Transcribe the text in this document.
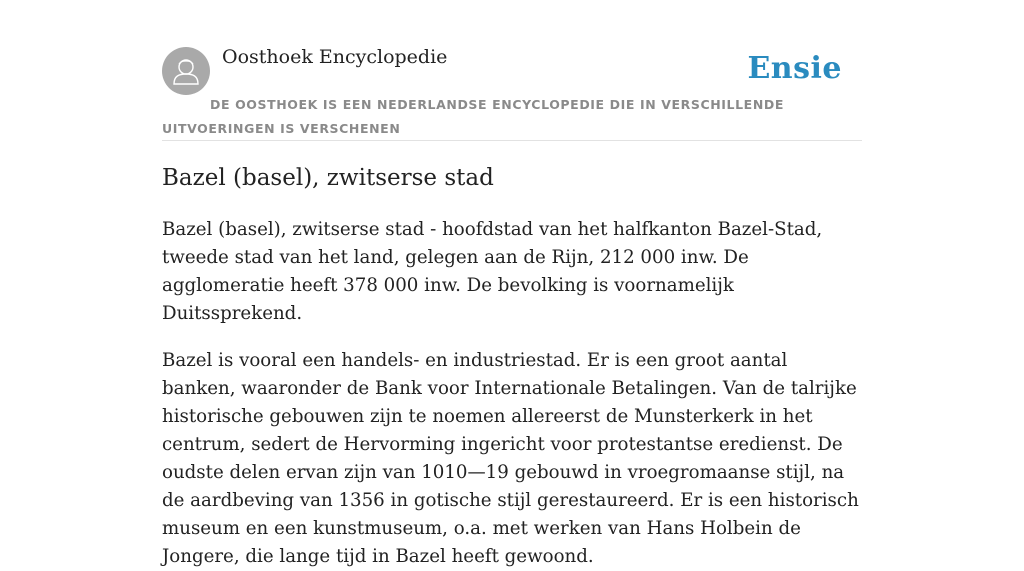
Oosthoek Encyclopedie	Ensie
DE OOSTHOEK IS EEN NEDERLANDSE ENCYCLOPEDIE DIE IN VERSCHILLENDE UITVOERINGEN IS VERSCHENEN
Bazel (basel), zwitserse stad

Bazel (basel), zwitserse stad - hoofdstad van het halfkanton Bazel-Stad, tweede stad van het land, gelegen aan de Rijn, 212 000 inw. De agglomeratie heeft 378 000 inw. De bevolking is voornamelijk Duitssprekend.

Bazel is vooral een handels- en industriestad. Er is een groot aantal banken, waaronder de Bank voor Internationale Betalingen. Van de talrijke historische gebouwen zijn te noemen allereerst de Munsterkerk in het centrum, sedert de Hervorming ingericht voor protestantse eredienst. De oudste delen ervan zijn van 1010—19 gebouwd in vroegromaanse stijl, na de aardbeving van 1356 in gotische stijl gerestaureerd. Er is een historisch museum en een kunstmuseum, o.a. met werken van Hans Holbein de Jongere, die lange tijd in Bazel heeft gewoond.
